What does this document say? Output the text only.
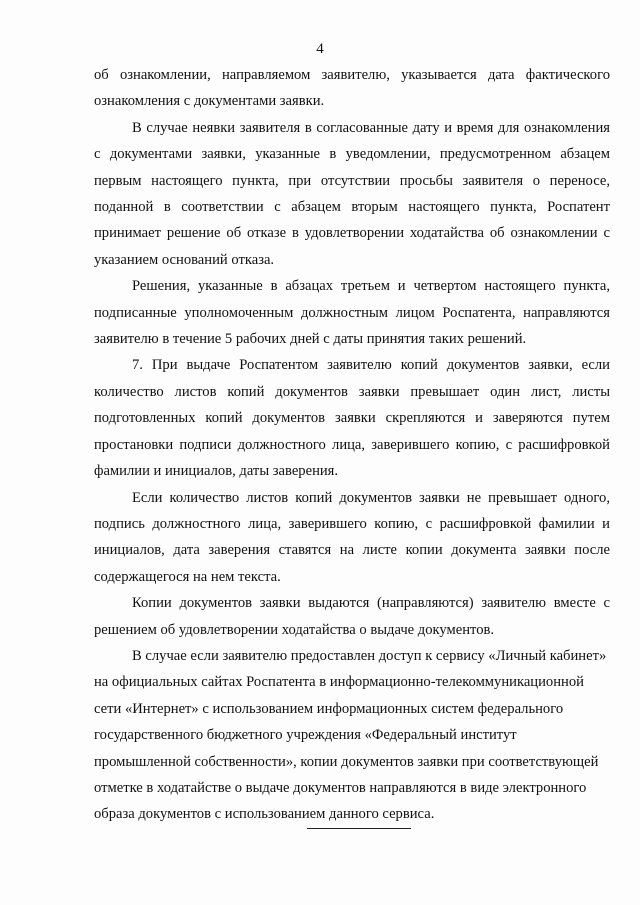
4

об ознакомлении, направляемом заявителю, указывается дата фактического ознакомления с документами заявки.

В случае неявки заявителя в согласованные дату и время для ознакомления с документами заявки, указанные в уведомлении, предусмотренном абзацем первым настоящего пункта, при отсутствии просьбы заявителя о переносе, поданной в соответствии с абзацем вторым настоящего пункта, Роспатент принимает решение об отказе в удовлетворении ходатайства об ознакомлении с указанием оснований отказа.

Решения, указанные в абзацах третьем и четвертом настоящего пункта, подписанные уполномоченным должностным лицом Роспатента, направляются заявителю в течение 5 рабочих дней с даты принятия таких решений.

7. При выдаче Роспатентом заявителю копий документов заявки, если количество листов копий документов заявки превышает один лист, листы подготовленных копий документов заявки скрепляются и заверяются путем простановки подписи должностного лица, заверившего копию, с расшифровкой фамилии и инициалов, даты заверения.

Если количество листов копий документов заявки не превышает одного, подпись должностного лица, заверившего копию, с расшифровкой фамилии и инициалов, дата заверения ставятся на листе копии документа заявки после содержащегося на нем текста.

Копии документов заявки выдаются (направляются) заявителю вместе с решением об удовлетворении ходатайства о выдаче документов.

В случае если заявителю предоставлен доступ к сервису «Личный кабинет» на официальных сайтах Роспатента в информационно-телекоммуникационной сети «Интернет» с использованием информационных систем федерального государственного бюджетного учреждения «Федеральный институт промышленной собственности», копии документов заявки при соответствующей отметке в ходатайстве о выдаче документов направляются в виде электронного образа документов с использованием данного сервиса.
